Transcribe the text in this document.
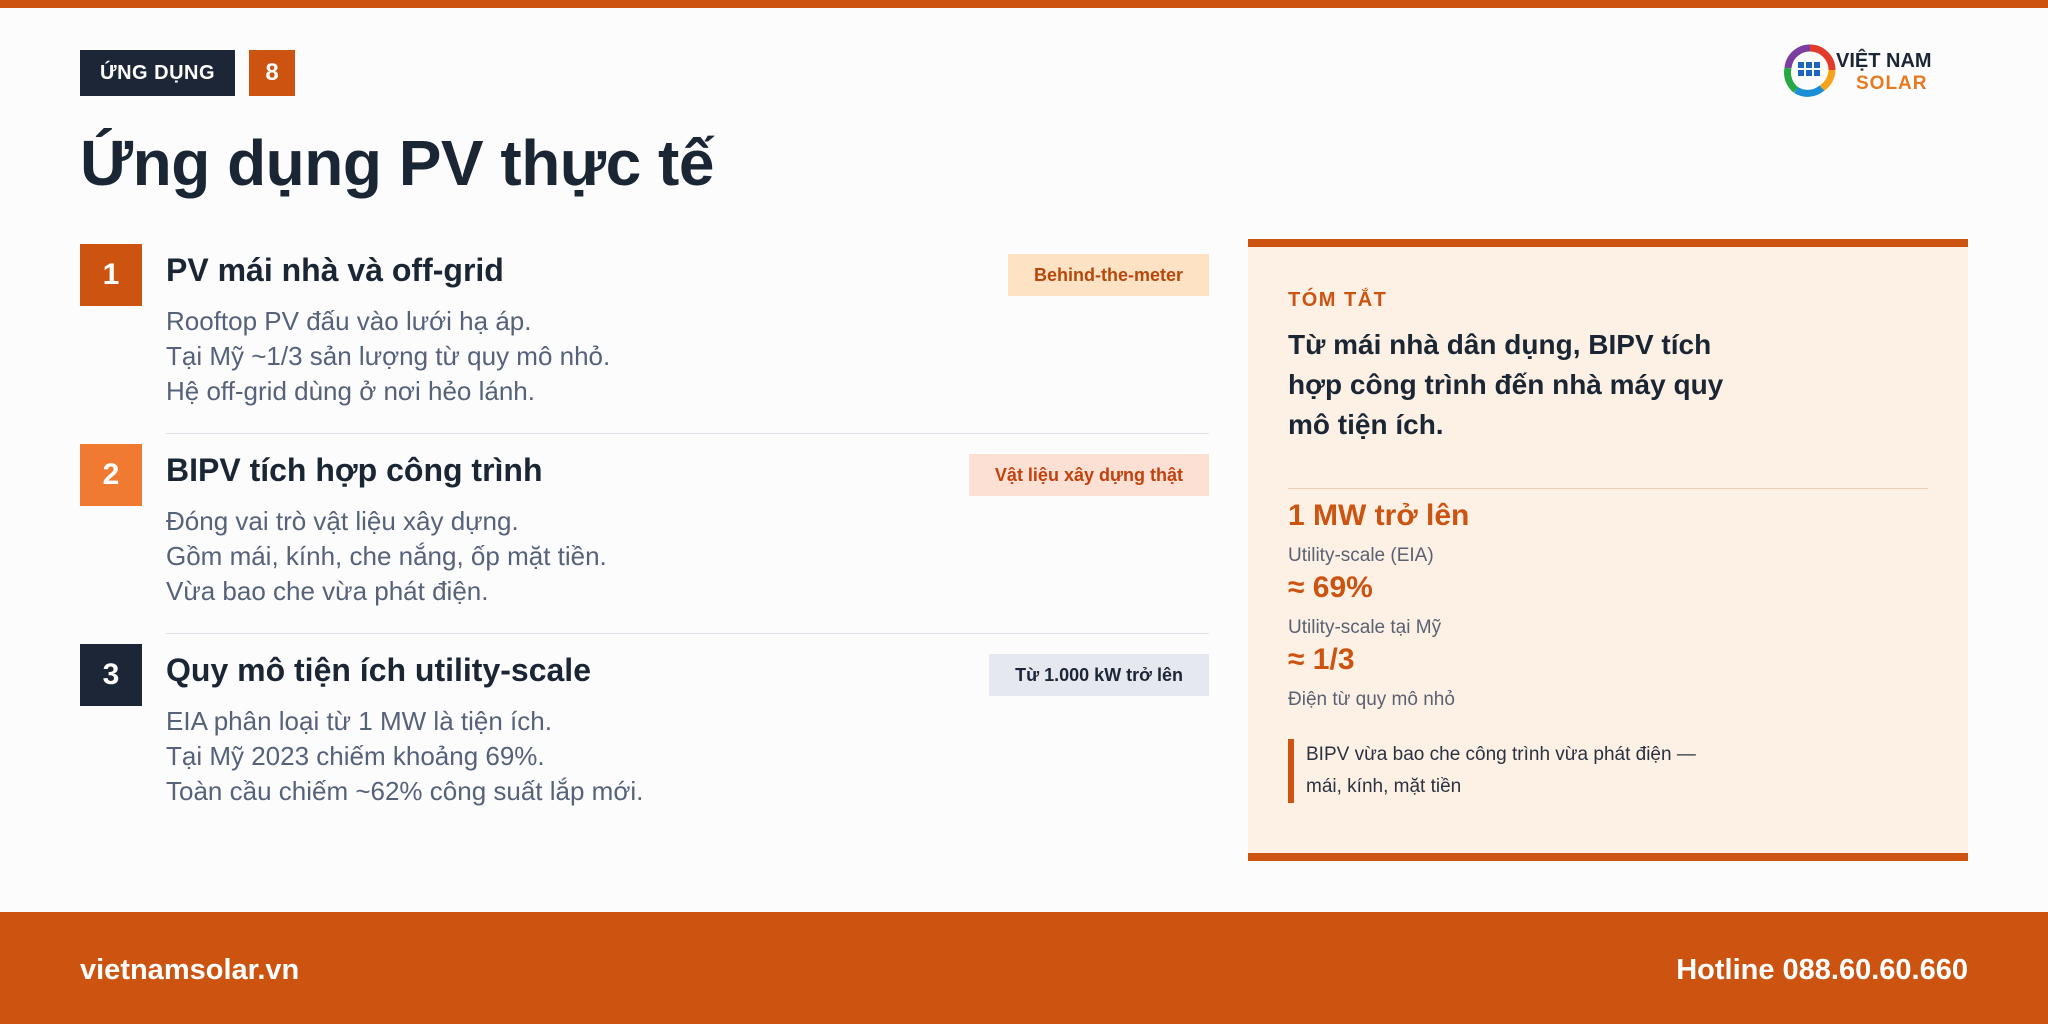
ỨNG DỤNG	8	VIỆT NAM
SOLAR
Ứng dụng PV thực tế
1	PV mái nhà và off-grid	Behind-the-meter
Rooftop PV đấu vào lưới hạ áp.
Tại Mỹ ~1/3 sản lượng từ quy mô nhỏ.
Hệ off-grid dùng ở nơi hẻo lánh.
2	BIPV tích hợp công trình	Vật liệu xây dựng thật
Đóng vai trò vật liệu xây dựng.
Gồm mái, kính, che nắng, ốp mặt tiền.
Vừa bao che vừa phát điện.
3	Quy mô tiện ích utility-scale	Từ 1.000 kW trở lên
EIA phân loại từ 1 MW là tiện ích.
Tại Mỹ 2023 chiếm khoảng 69%.
Toàn cầu chiếm ~62% công suất lắp mới.
TÓM TẮT
Từ mái nhà dân dụng, BIPV tích hợp công trình đến nhà máy quy mô tiện ích.
1 MW trở lên
Utility-scale (EIA)
≈ 69%
Utility-scale tại Mỹ
≈ 1/3
Điện từ quy mô nhỏ
BIPV vừa bao che công trình vừa phát điện — mái, kính, mặt tiền
vietnamsolar.vn	Hotline 088.60.60.660
